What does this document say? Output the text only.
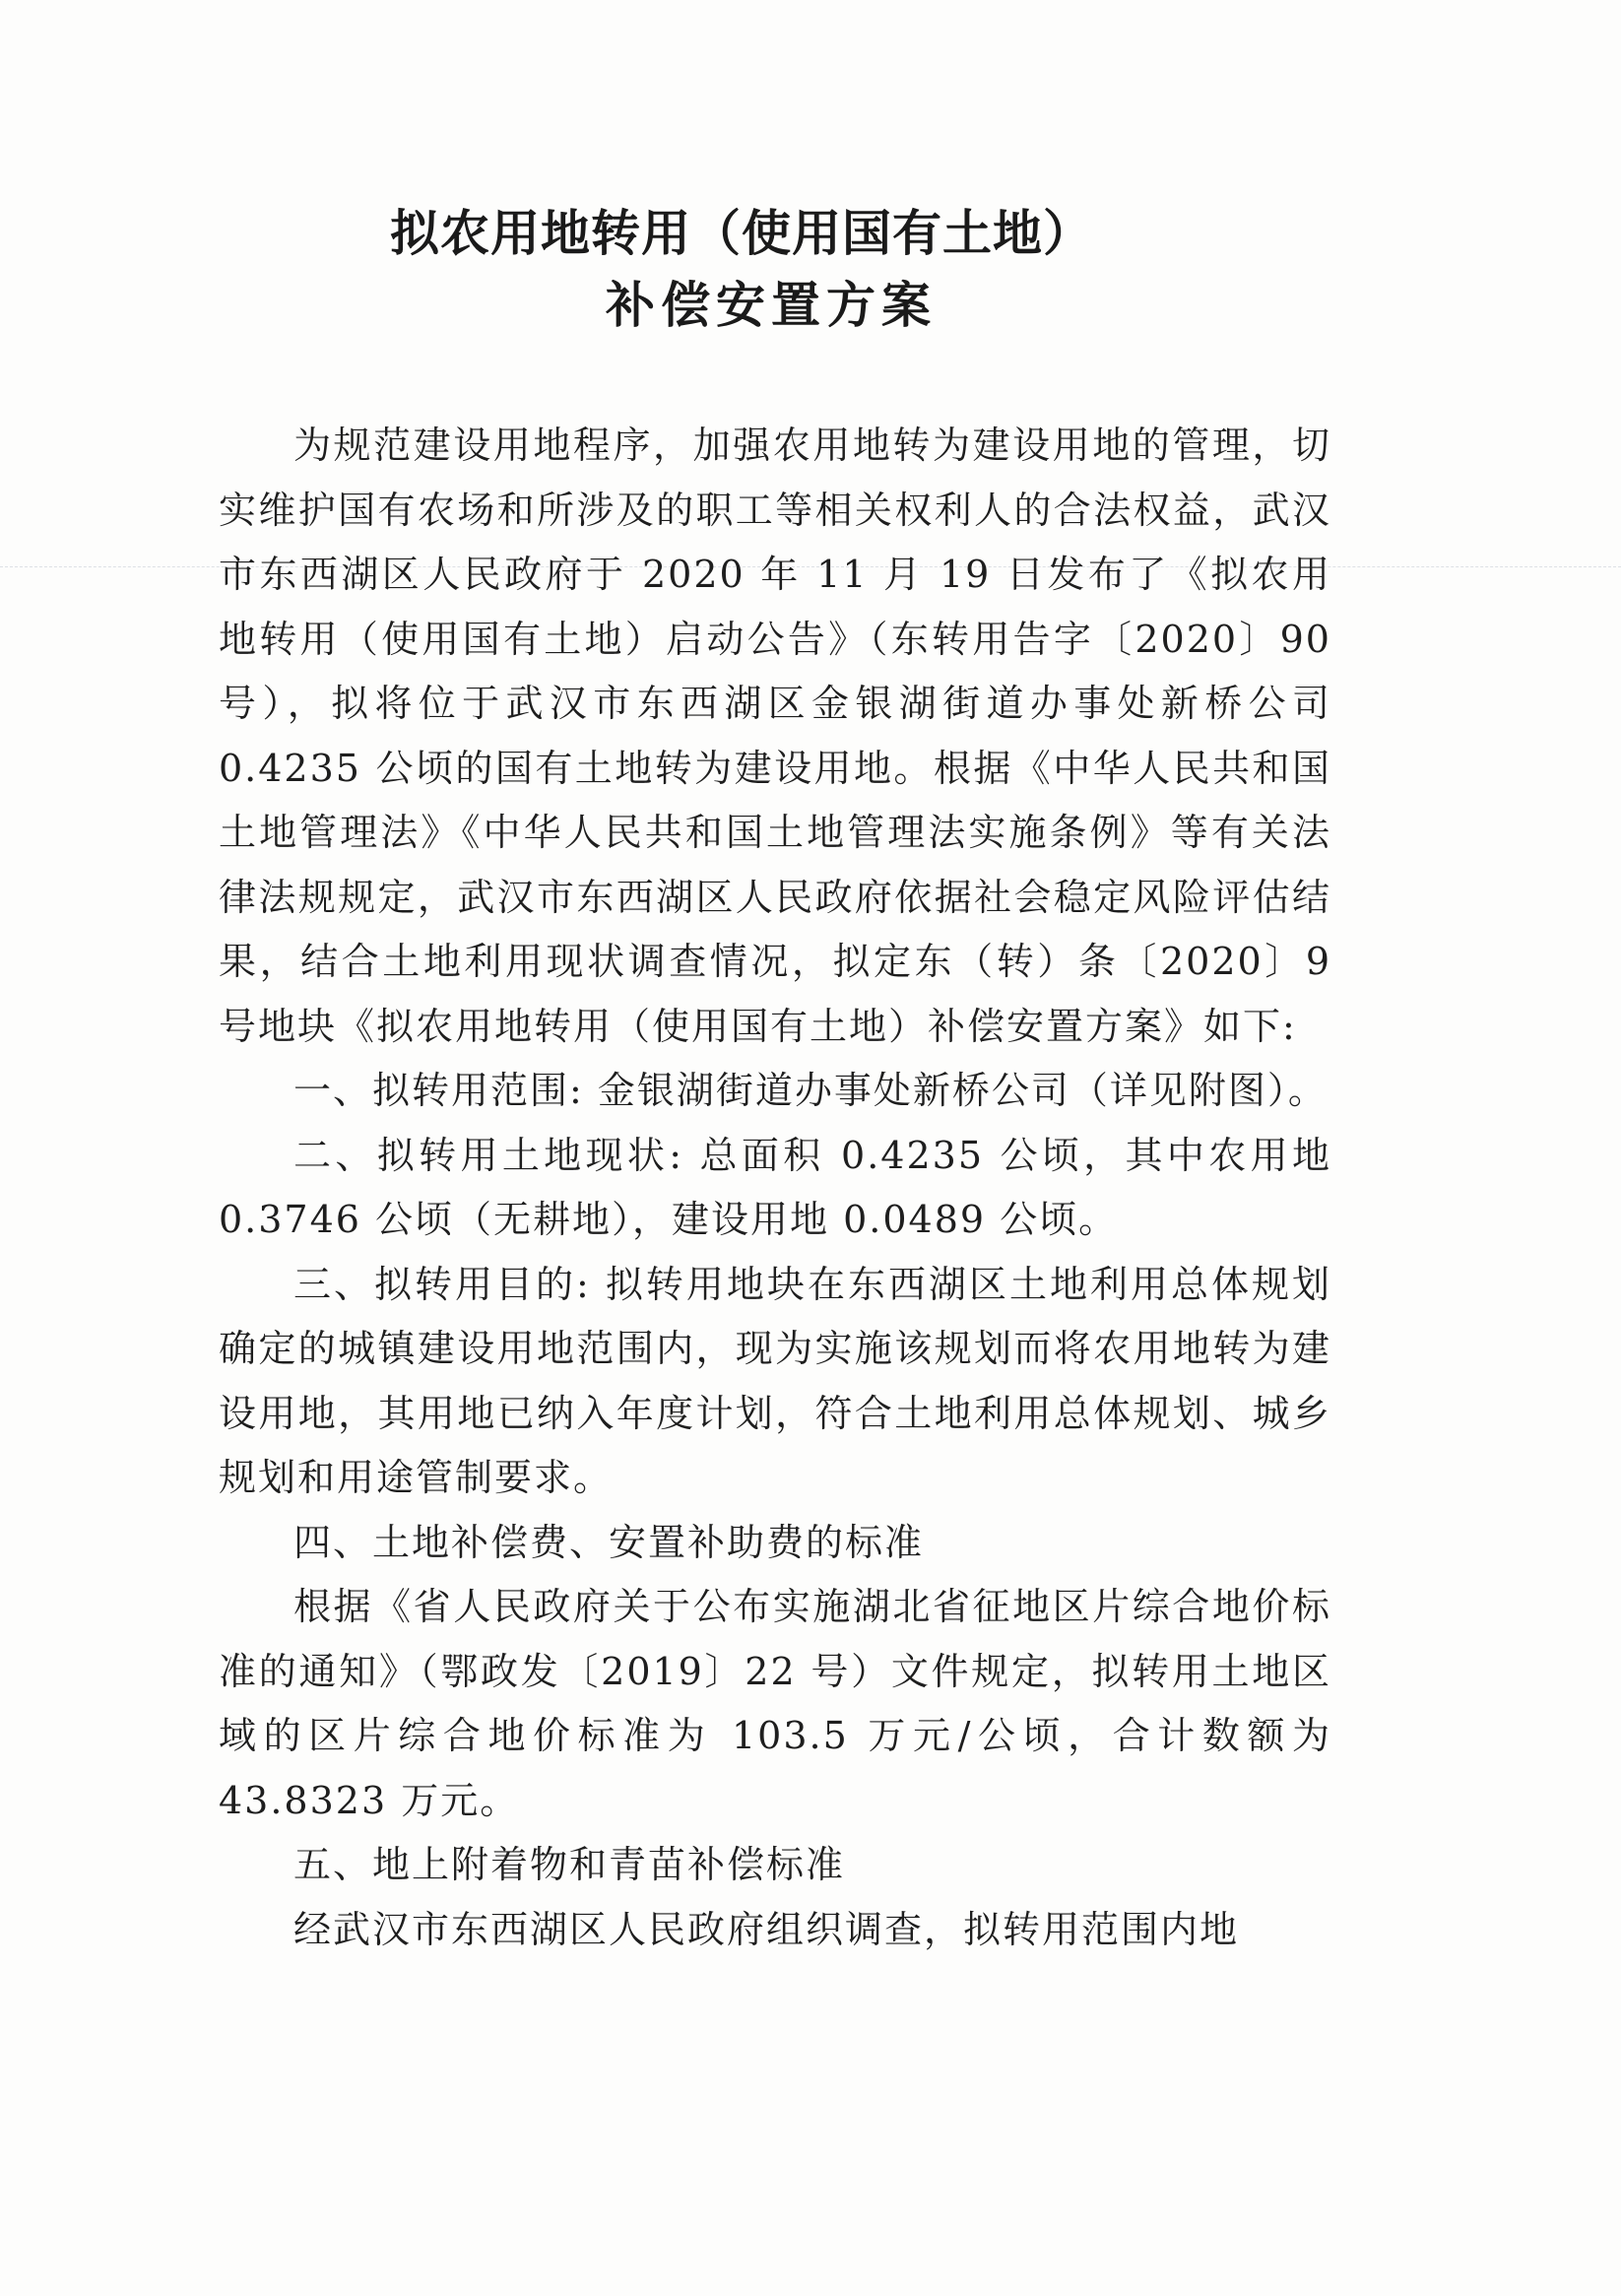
拟农用地转用（使用国有土地）
补偿安置方案

为规范建设用地程序，加强农用地转为建设用地的管理，切实维护国有农场和所涉及的职工等相关权利人的合法权益，武汉市东西湖区人民政府于 2020 年 11 月 19 日发布了《拟农用地转用（使用国有土地）启动公告》（东转用告字〔2020〕90 号），拟将位于武汉市东西湖区金银湖街道办事处新桥公司 0.4235 公顷的国有土地转为建设用地。根据《中华人民共和国土地管理法》《中华人民共和国土地管理法实施条例》等有关法律法规规定，武汉市东西湖区人民政府依据社会稳定风险评估结果，结合土地利用现状调查情况，拟定东（转）条〔2020〕9 号地块《拟农用地转用（使用国有土地）补偿安置方案》如下:

一、拟转用范围: 金银湖街道办事处新桥公司（详见附图）。

二、拟转用土地现状: 总面积 0.4235 公顷，其中农用地 0.3746 公顷（无耕地），建设用地 0.0489 公顷。

三、拟转用目的: 拟转用地块在东西湖区土地利用总体规划确定的城镇建设用地范围内，现为实施该规划而将农用地转为建设用地，其用地已纳入年度计划，符合土地利用总体规划、城乡规划和用途管制要求。

四、土地补偿费、安置补助费的标准

根据《省人民政府关于公布实施湖北省征地区片综合地价标准的通知》（鄂政发〔2019〕22 号）文件规定，拟转用土地区域的区片综合地价标准为 103.5 万元/公顷，合计数额为 43.8323 万元。

五、地上附着物和青苗补偿标准

经武汉市东西湖区人民政府组织调查，拟转用范围内地
